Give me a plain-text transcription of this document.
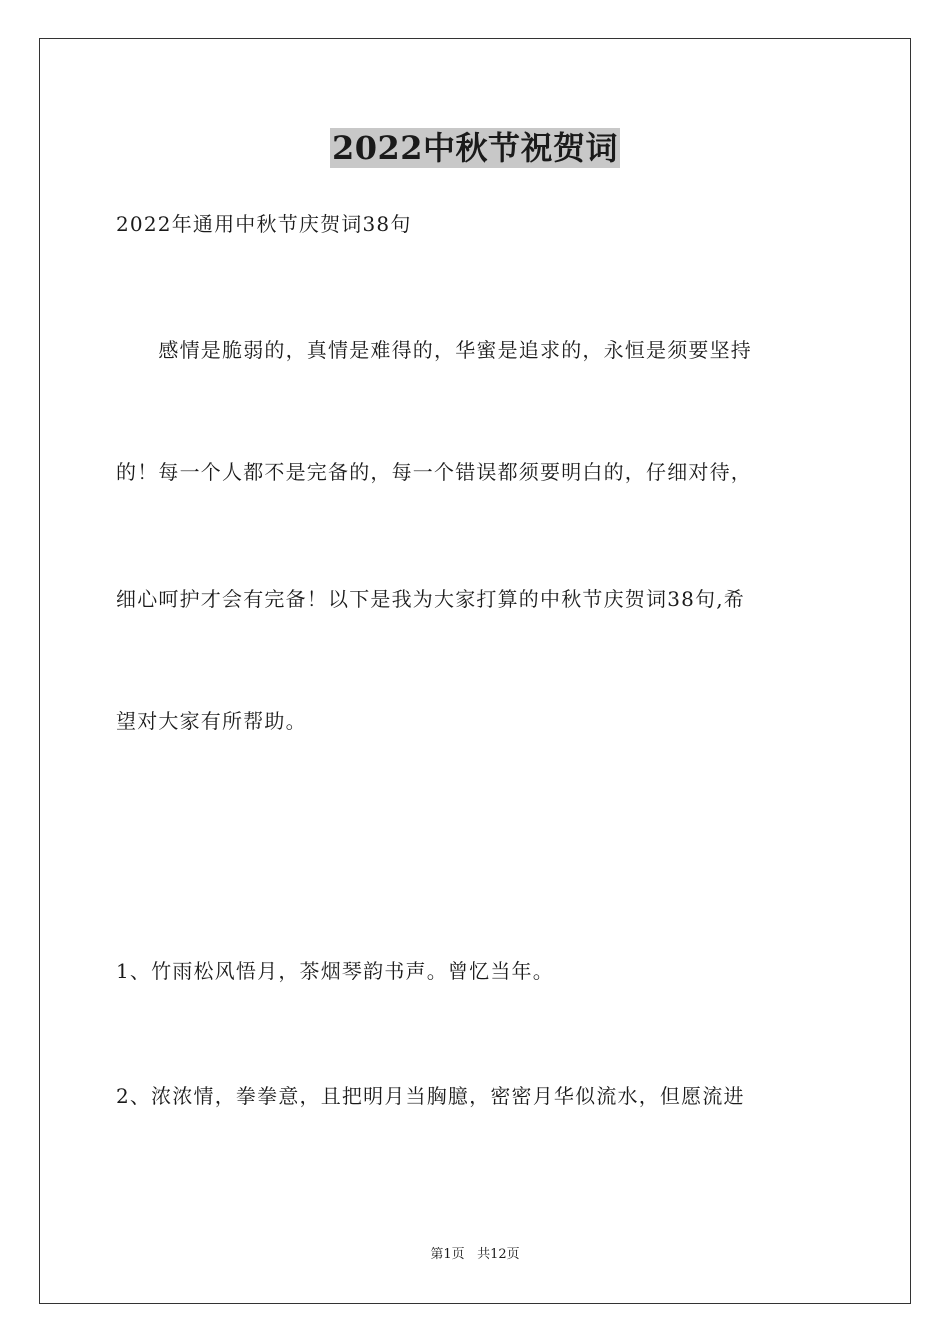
2022中秋节祝贺词
2022年通用中秋节庆贺词38句
　　感情是脆弱的，真情是难得的，华蜜是追求的，永恒是须要坚持
的！每一个人都不是完备的，每一个错误都须要明白的，仔细对待，
细心呵护才会有完备！以下是我为大家打算的中秋节庆贺词38句,希
望对大家有所帮助。
1、竹雨松风悟月，茶烟琴韵书声。曾忆当年。
2、浓浓情，拳拳意，且把明月当胸臆，密密月华似流水，但愿流进
第1页 共12页
